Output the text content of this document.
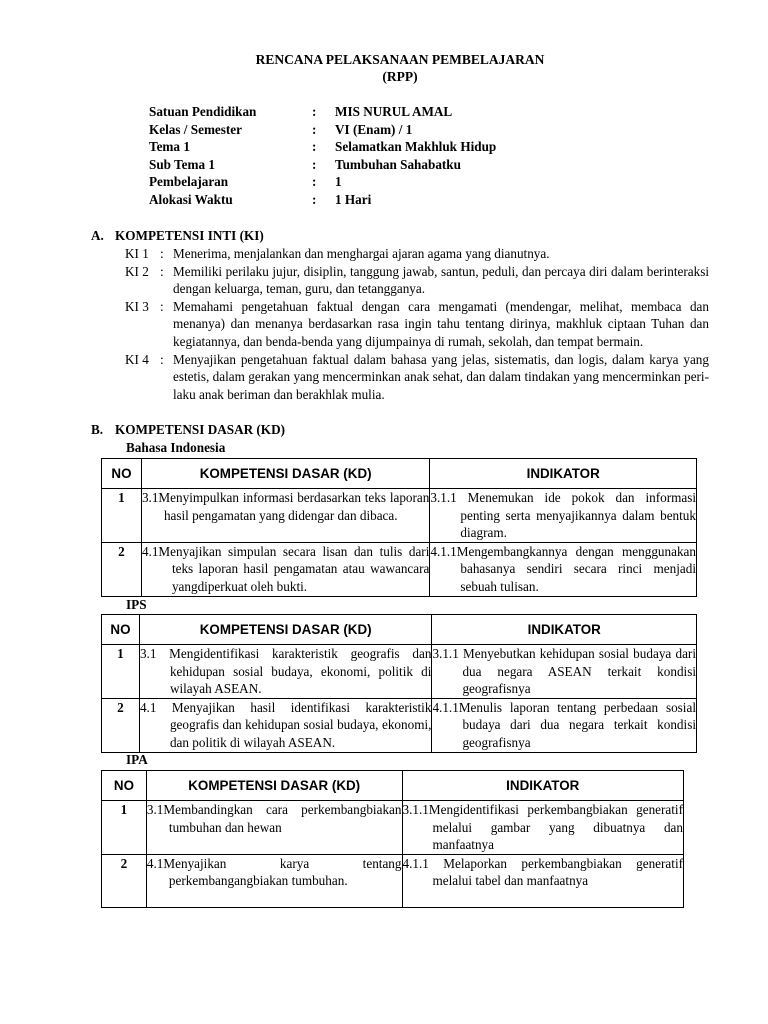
RENCANA PELAKSANAAN PEMBELAJARAN
(RPP)
Satuan Pendidikan	: MIS NURUL AMAL
Kelas / Semester	: VI (Enam) / 1
Tema 1	: Selamatkan Makhluk Hidup
Sub Tema 1	: Tumbuhan Sahabatku
Pembelajaran	: 1
Alokasi Waktu	: 1 Hari
A. KOMPETENSI INTI (KI)
KI 1 : Menerima, menjalankan dan menghargai ajaran agama yang dianutnya.
KI 2 : Memiliki perilaku jujur, disiplin, tanggung jawab, santun, peduli, dan percaya diri dalam berinteraksi dengan keluarga, teman, guru, dan tetangganya.
KI 3 : Memahami pengetahuan faktual dengan cara mengamati (mendengar, melihat, membaca dan menanya) dan menanya berdasarkan rasa ingin tahu tentang dirinya, makhluk ciptaan Tuhan dan kegiatannya, dan benda-benda yang dijumpainya di rumah, sekolah, dan tempat bermain.
KI 4 : Menyajikan pengetahuan faktual dalam bahasa yang jelas, sistematis, dan logis, dalam karya yang estetis, dalam gerakan yang mencerminkan anak sehat, dan dalam tindakan yang mencerminkan peri-laku anak beriman dan berakhlak mulia.
B. KOMPETENSI DASAR (KD)
Bahasa Indonesia
NO	KOMPETENSI DASAR (KD)	INDIKATOR
1	3.1Menyimpulkan informasi berdasarkan teks laporan hasil pengamatan yang didengar dan dibaca.	3.1.1 Menemukan ide pokok dan informasi penting serta menyajikannya dalam bentuk diagram.

2	4.1Menyajikan simpulan secara lisan dan tulis dari teks laporan hasil pengamatan atau wawancara yangdiperkuat oleh bukti.	4.1.1Mengembangkannya dengan menggunakan bahasanya sendiri secara rinci menjadi sebuah tulisan.
IPS
NO	KOMPETENSI DASAR (KD)	INDIKATOR
1	3.1 Mengidentifikasi karakteristik geografis dan kehidupan sosial budaya, ekonomi, politik di wilayah ASEAN.	3.1.1 Menyebutkan kehidupan sosial budaya dari dua negara ASEAN terkait kondisi geografisnya

2	4.1 Menyajikan hasil identifikasi karakteristik geografis dan kehidupan sosial budaya, ekonomi, dan politik di wilayah ASEAN.	4.1.1Menulis laporan tentang perbedaan sosial budaya dari dua negara terkait kondisi geografisnya
IPA
NO	KOMPETENSI DASAR (KD)	INDIKATOR
1	3.1Membandingkan cara perkembangbiakan tumbuhan dan hewan	3.1.1Mengidentifikasi perkembangbiakan generatif melalui gambar yang dibuatnya dan manfaatnya

2	4.1Menyajikan karya tentang perkembangangbiakan tumbuhan.	4.1.1 Melaporkan perkembangbiakan generatif melalui tabel dan manfaatnya
